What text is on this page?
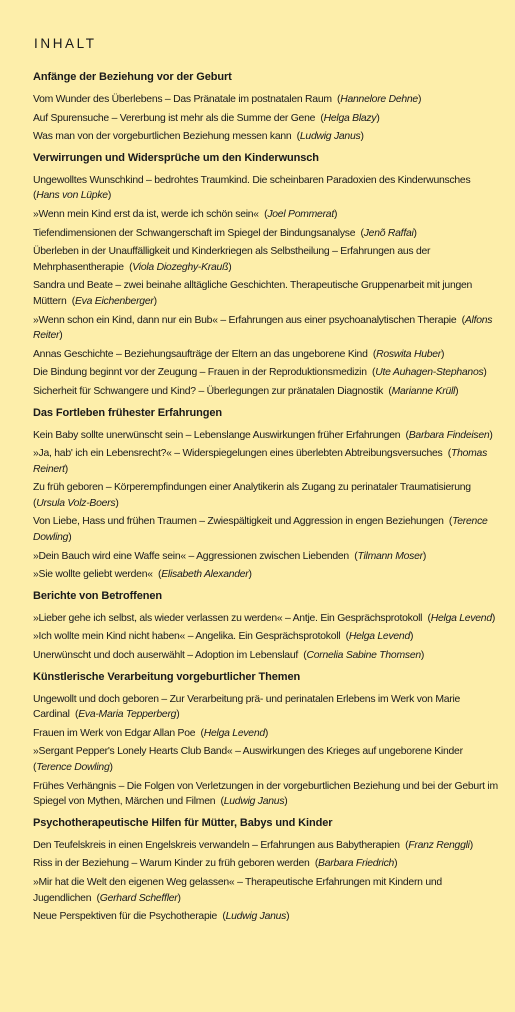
INHALT
Anfänge der Beziehung vor der Geburt
Vom Wunder des Überlebens – Das Pränatale im postnatalen Raum  (Hannelore Dehne)
Auf Spurensuche – Vererbung ist mehr als die Summe der Gene  (Helga Blazy)
Was man von der vorgeburtlichen Beziehung messen kann  (Ludwig Janus)
Verwirrungen und Widersprüche um den Kinderwunsch
Ungewolltes Wunschkind – bedrohtes Traumkind. Die scheinbaren Paradoxien des Kinderwunsches  (Hans von Lüpke)
»Wenn mein Kind erst da ist, werde ich schön sein«  (Joel Pommerat)
Tiefendimensionen der Schwangerschaft im Spiegel der Bindungsanalyse  (Jenõ Raffai)
Überleben in der Unauffälligkeit und Kinderkriegen als Selbstheilung – Erfahrungen aus der Mehrphasentherapie  (Viola Diozeghy-Krauß)
Sandra und Beate – zwei beinahe alltägliche Geschichten. Therapeutische Gruppenarbeit mit jungen Müttern  (Eva Eichenberger)
»Wenn schon ein Kind, dann nur ein Bub« – Erfahrungen aus einer psychoanalytischen Therapie  (Alfons Reiter)
Annas Geschichte – Beziehungsaufträge der Eltern an das ungeborene Kind  (Roswita Huber)
Die Bindung beginnt vor der Zeugung – Frauen in der Reproduktionsmedizin  (Ute Auhagen-Stephanos)
Sicherheit für Schwangere und Kind? – Überlegungen zur pränatalen Diagnostik  (Marianne Krüll)
Das Fortleben frühester Erfahrungen
Kein Baby sollte unerwünscht sein – Lebenslange Auswirkungen früher Erfahrungen  (Barbara Findeisen)
»Ja, hab' ich ein Lebensrecht?« – Widerspiegelungen eines überlebten Abtreibungsversuches  (Thomas Reinert)
Zu früh geboren – Körperempfindungen einer Analytikerin als Zugang zu perinataler Traumatisierung  (Ursula Volz-Boers)
Von Liebe, Hass und frühen Traumen – Zwiespältigkeit und Aggression in engen Beziehungen  (Terence Dowling)
»Dein Bauch wird eine Waffe sein« – Aggressionen zwischen Liebenden  (Tilmann Moser)
»Sie wollte geliebt werden«  (Elisabeth Alexander)
Berichte von Betroffenen
»Lieber gehe ich selbst, als wieder verlassen zu werden« – Antje. Ein Gesprächsprotokoll  (Helga Levend)
»Ich wollte mein Kind nicht haben« – Angelika. Ein Gesprächsprotokoll  (Helga Levend)
Unerwünscht und doch auserwählt – Adoption im Lebenslauf  (Cornelia Sabine Thomsen)
Künstlerische Verarbeitung vorgeburtlicher Themen
Ungewollt und doch geboren – Zur Verarbeitung prä- und perinatalen Erlebens im Werk von Marie Cardinal  (Eva-Maria Tepperberg)
Frauen im Werk von Edgar Allan Poe  (Helga Levend)
»Sergant Pepper's Lonely Hearts Club Band« – Auswirkungen des Krieges auf ungeborene Kinder  (Terence Dowling)
Frühes Verhängnis – Die Folgen von Verletzungen in der vorgeburtlichen Beziehung und bei der Geburt im Spiegel von Mythen, Märchen und Filmen  (Ludwig Janus)
Psychotherapeutische Hilfen für Mütter, Babys und Kinder
Den Teufelskreis in einen Engelskreis verwandeln – Erfahrungen aus Babytherapien  (Franz Renggli)
Riss in der Beziehung – Warum Kinder zu früh geboren werden  (Barbara Friedrich)
»Mir hat die Welt den eigenen Weg gelassen« – Therapeutische Erfahrungen mit Kindern und Jugendlichen  (Gerhard Scheffler)
Neue Perspektiven für die Psychotherapie  (Ludwig Janus)
